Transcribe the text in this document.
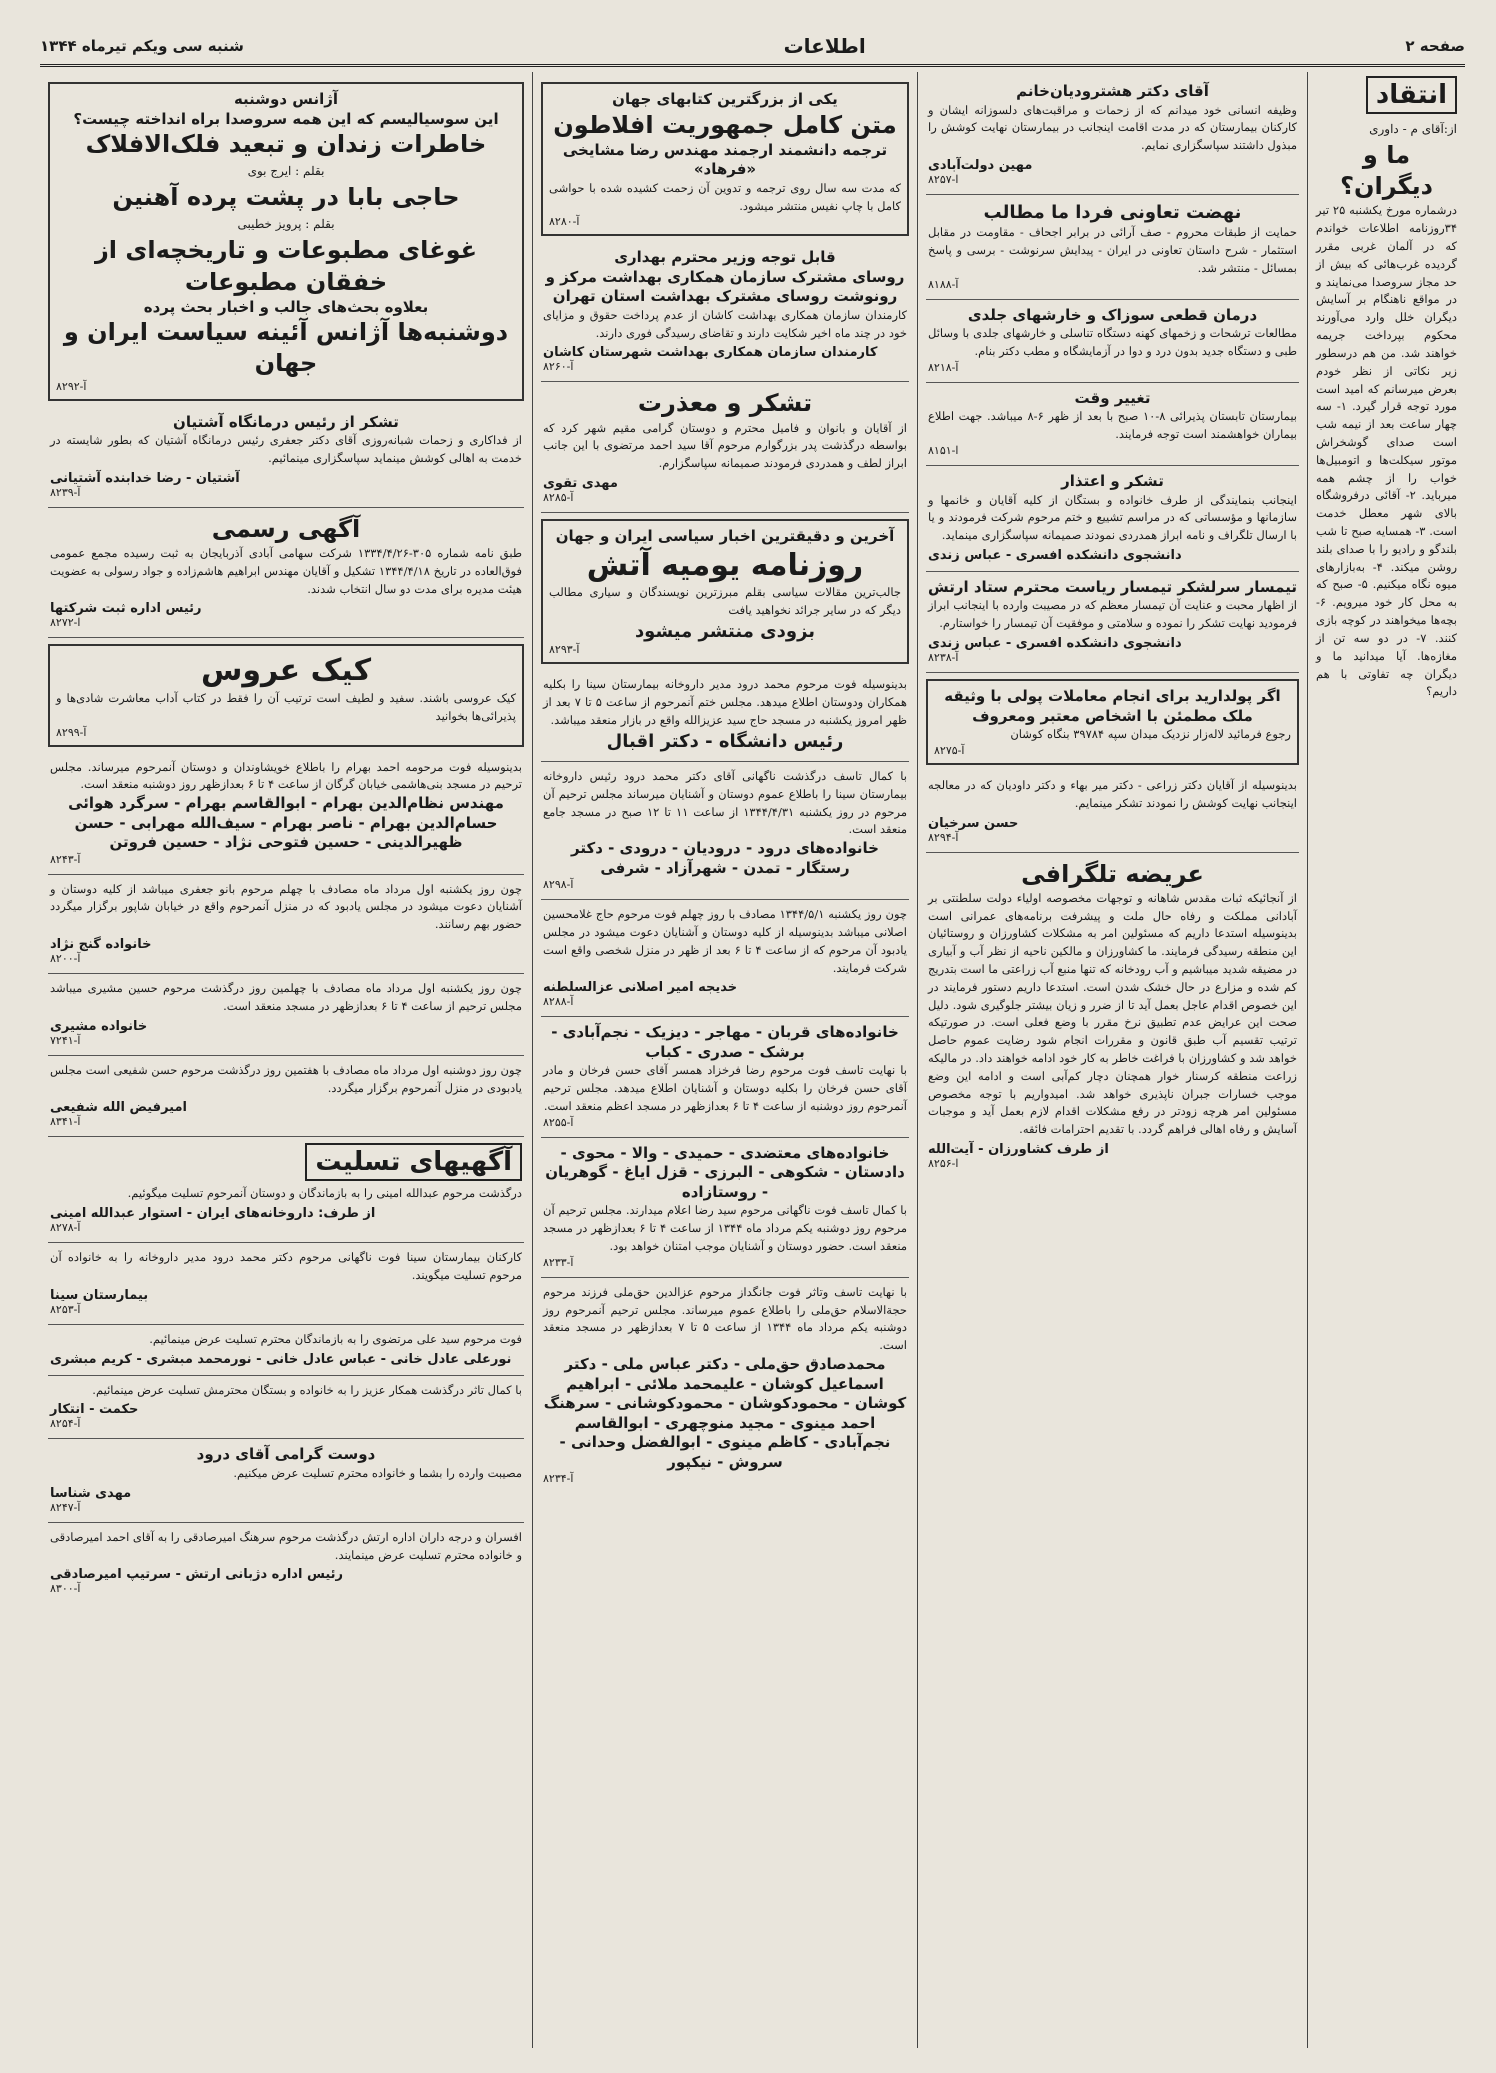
صفحه ۲
اطلاعات
شنبه سی ویکم تیرماه ۱۳۴۴
انتقاد
از:آقای م - داوری
ما و دیگران؟
درشماره مورخ یکشنبه ۲۵ تیر ۳۴روزنامه اطلاعات خواندم که در آلمان غربی مقرر گردیده غرب‌هائی که بیش از حد مجاز سروصدا می‌نمایند و در مواقع ناهنگام بر آسایش دیگران خلل وارد می‌آورند محکوم بپرداخت جریمه خواهند شد. من هم درسطور زیر نکاتی از نظر خودم بعرض میرسانم که امید است مورد توجه قرار گیرد. ۱- سه چهار ساعت بعد از نیمه شب است صدای گوشخراش موتور سیکلت‌ها و اتومبیل‌ها خواب را از چشم همه میرباید. ۲- آقائی درفروشگاه بالای شهر معطل خدمت است. ۳- همسایه صبح تا شب بلندگو و رادیو را با صدای بلند روشن میکند. ۴- به‌بازارهای میوه نگاه میکنیم. ۵- صبح که به محل کار خود میرویم. ۶- بچه‌ها میخواهند در کوچه بازی کنند. ۷- در دو سه تن از مغازه‌ها. آیا میدانید ما و دیگران چه تفاوتی با هم داریم؟
آقای دکتر هشترودیان‌خانم
وظیفه انسانی خود میدانم که از زحمات و مراقبت‌های دلسوزانه ایشان و کارکنان بیمارستان که در مدت اقامت اینجانب در بیمارستان نهایت کوشش را مبذول داشتند سپاسگزاری نمایم.
مهین دولت‌آبادی
۸۲۵۷-ا
نهضت تعاونی فردا ما مطالب
حمایت از طبقات محروم - صف آرائی در برابر اجحاف - مقاومت در مقابل استثمار - شرح داستان تعاونی در ایران - پیدایش سرنوشت - برسی و پاسخ بمسائل - منتشر شد.
۸۱۸۸-آ
درمان قطعی سوزاک و خارشهای جلدی
مطالعات ترشحات و زخمهای کهنه دستگاه تناسلی و خارشهای جلدی با وسائل طبی و دستگاه جدید بدون درد و دوا در آزمایشگاه و مطب دکتر بنام.
۸۲۱۸-آ
تغییر وقت
بیمارستان تابستان پذیرائی ۸-۱۰ صبح با بعد از ظهر ۶-۸ میباشد. جهت اطلاع بیماران خواهشمند است توجه فرمایند.
۸۱۵۱-ا
تشکر و اعتذار
اینجانب بنمایندگی از طرف خانواده و بستگان از کلیه آقایان و خانمها و سازمانها و مؤسساتی که در مراسم تشییع و ختم مرحوم شرکت فرمودند و یا با ارسال تلگراف و نامه ابراز همدردی نمودند صمیمانه سپاسگزاری مینماید.
دانشجوی دانشکده افسری - عباس زندی
تیمسار سرلشکر تیمسار ریاست محترم ستاد ارتش
از اظهار محبت و عنایت آن تیمسار معظم که در مصیبت وارده با اینجانب ابراز فرمودید نهایت تشکر را نموده و سلامتی و موفقیت آن تیمسار را خواستارم.
دانشجوی دانشکده افسری - عباس زندی
۸۲۳۸-آ
اگر پولدارید برای انجام معاملات پولی با وثیقه ملک مطمئن با اشخاص معتبر ومعروف
رجوع فرمائید لاله‌زار نزدیک میدان سپه ۳۹۷۸۴ بنگاه کوشان
۸۲۷۵-آ
بدینوسیله از آقایان دکتر زراعی - دکتر میر بهاء و دکتر داودیان که در معالجه اینجانب نهایت کوشش را نمودند تشکر مینمایم.
حسن سرخیان
۸۲۹۴-آ
عریضه تلگرافی
از آنجائیکه ثبات مقدس شاهانه و توجهات مخصوصه اولیاء دولت سلطنتی بر آبادانی مملکت و رفاه حال ملت و پیشرفت برنامه‌های عمرانی است بدینوسیله استدعا داریم که مسئولین امر به مشکلات کشاورزان و روستائیان این منطقه رسیدگی فرمایند. ما کشاورزان و مالکین ناحیه از نظر آب و آبیاری در مضیقه شدید میباشیم و آب رودخانه که تنها منبع آب زراعتی ما است بتدریج کم شده و مزارع در حال خشک شدن است. استدعا داریم دستور فرمایند در این خصوص اقدام عاجل بعمل آید تا از ضرر و زیان بیشتر جلوگیری شود. دلیل صحت این عرایض عدم تطبیق نرخ مقرر با وضع فعلی است. در صورتیکه ترتیب تقسیم آب طبق قانون و مقررات انجام شود رضایت عموم حاصل خواهد شد و کشاورزان با فراغت خاطر به کار خود ادامه خواهند داد. در مالیکه زراعت منطقه کرسنار خوار همچنان دچار کم‌آبی است و ادامه این وضع موجب خسارات جبران ناپذیری خواهد شد. امیدواریم با توجه مخصوص مسئولین امر هرچه زودتر در رفع مشکلات اقدام لازم بعمل آید و موجبات آسایش و رفاه اهالی فراهم گردد. با تقدیم احترامات فائقه.
از طرف کشاورزان - آیت‌الله
۸۲۵۶-ا
یکی از بزرگترین کتابهای جهان
متن کامل جمهوریت افلاطون
ترجمه دانشمند ارجمند مهندس رضا مشایخی «فرهاد»
که مدت سه سال روی ترجمه و تدوین آن زحمت کشیده شده با حواشی کامل با چاپ نفیس منتشر میشود.
۸۲۸۰-آ
قابل توجه وزیر محترم بهداری
روسای مشترک سازمان همکاری بهداشت مرکز و رونوشت روسای مشترک بهداشت استان تهران
کارمندان سازمان همکاری بهداشت کاشان از عدم پرداخت حقوق و مزایای خود در چند ماه اخیر شکایت دارند و تقاضای رسیدگی فوری دارند.
کارمندان سازمان همکاری بهداشت شهرستان کاشان
آ-۸۲۶۰
تشکر و معذرت
از آقایان و بانوان و فامیل محترم و دوستان گرامی مقیم شهر کرد که بواسطه درگذشت پدر بزرگوارم مرحوم آقا سید احمد مرتضوی با این جانب ابراز لطف و همدردی فرمودند صمیمانه سپاسگزارم.
مهدی تقوی
۸۲۸۵-آ
آخرین و دقیقترین اخبار سیاسی ایران و جهان
روزنامه یومیه آتش
جالب‌ترین مقالات سیاسی بقلم مبرزترین نویسندگان و سیاری مطالب دیگر که در سایر جرائد نخواهید یافت
بزودی منتشر میشود
۸۲۹۳-آ
بدینوسیله فوت مرحوم محمد درود مدیر داروخانه بیمارستان سینا را بکلیه همکاران ودوستان اطلاع میدهد. مجلس ختم آنمرحوم از ساعت ۵ تا ۷ بعد از ظهر امروز یکشنبه در مسجد حاج سید عزیزالله واقع در بازار منعقد میباشد.
رئیس دانشگاه - دکتر اقبال
با کمال تاسف درگذشت ناگهانی آقای دکتر محمد درود رئیس داروخانه بیمارستان سینا را باطلاع عموم دوستان و آشنایان میرساند مجلس ترحیم آن مرحوم در روز یکشنبه ۱۳۴۴/۴/۳۱ از ساعت ۱۱ تا ۱۲ صبح در مسجد جامع منعقد است.
خانواده‌های درود - درودیان - درودی - دکتر رستگار - تمدن - شهرآزاد - شرفی
۸۲۹۸-آ
چون روز یکشنبه ۱۳۴۴/۵/۱ مصادف با روز چهلم فوت مرحوم حاج غلامحسین اصلانی میباشد بدینوسیله از کلیه دوستان و آشنایان دعوت میشود در مجلس یادبود آن مرحوم که از ساعت ۴ تا ۶ بعد از ظهر در منزل شخصی واقع است شرکت فرمایند.
خدیجه امیر اصلانی عزالسلطنه
۸۲۸۸-آ
خانواده‌های قربان - مهاجر - دیزیک - نجم‌آبادی - برشک - صدری - کباب
با نهایت تاسف فوت مرحوم رضا فرخزاد همسر آقای حسن فرخان و مادر آقای حسن فرخان را بکلیه دوستان و آشنایان اطلاع میدهد. مجلس ترحیم آنمرحوم روز دوشنبه از ساعت ۴ تا ۶ بعدازظهر در مسجد اعظم منعقد است.
۸۲۵۵-آ
خانواده‌های معتضدی - حمیدی - والا - محوی - دادستان - شکوهی - البرزی - قزل ایاغ - گوهریان - روستازاده
با کمال تاسف فوت ناگهانی مرحوم سید رضا اعلام میدارند. مجلس ترحیم آن مرحوم روز دوشنبه یکم مرداد ماه ۱۳۴۴ از ساعت ۴ تا ۶ بعدازظهر در مسجد منعقد است. حضور دوستان و آشنایان موجب امتنان خواهد بود.
۸۲۳۳-آ
با نهایت تاسف وتاثر فوت جانگداز مرحوم عزالدین حق‌ملی فرزند مرحوم حجةالاسلام حق‌ملی را باطلاع عموم میرساند. مجلس ترحیم آنمرحوم روز دوشنبه یکم مرداد ماه ۱۳۴۴ از ساعت ۵ تا ۷ بعدازظهر در مسجد منعقد است.
محمدصادق حق‌ملی - دکتر عباس ملی - دکتر اسماعیل کوشان - علیمحمد ملائی - ابراهیم کوشان - محمودکوشان - محمودکوشانی - سرهنگ احمد مینوی - مجید منوچهری - ابوالقاسم نجم‌آبادی - کاظم مینوی - ابوالفضل وحدانی - سروش - نیکپور
۸۲۳۴-آ
آژانس دوشنبه
این سوسیالیسم که این همه سروصدا براه انداخته چیست؟
خاطرات زندان و تبعید فلک‌الافلاک
بقلم : ایرج بوی
حاجی بابا در پشت پرده آهنین
بقلم : پرویز خطیبی
غوغای مطبوعات و تاریخچه‌ای از خفقان مطبوعات
بعلاوه بحث‌های جالب و اخبار بحث پرده
دوشنبه‌ها آژانس آئینه سیاست ایران و جهان
۸۲۹۲-آ
تشکر از رئیس درمانگاه آشتیان
از فداکاری و زحمات شبانه‌روزی آقای دکتر جعفری رئیس درمانگاه آشتیان که بطور شایسته در خدمت به اهالی کوشش مینماید سپاسگزاری مینمائیم.
آشتیان - رضا خدابنده آشتیانی
۸۲۳۹-آ
آگهی رسمی
طبق نامه شماره ۳۰۵-۱۳۳۴/۴/۲۶ شرکت سهامی آبادی آذربایجان به ثبت رسیده مجمع عمومی فوق‌العاده در تاریخ ۱۳۴۴/۴/۱۸ تشکیل و آقایان مهندس ابراهیم هاشم‌زاده و جواد رسولی به عضویت هیئت مدیره برای مدت دو سال انتخاب شدند.
رئیس اداره ثبت شرکتها
۸۲۷۲-ا
کیک عروس
کیک عروسی باشند. سفید و لطیف است ترتیب آن را فقط در کتاب آداب معاشرت شادی‌ها و پذیرائی‌ها بخوانید
۸۲۹۹-آ
بدینوسیله فوت مرحومه احمد بهرام را باطلاع خویشاوندان و دوستان آنمرحوم میرساند. مجلس ترحیم در مسجد بنی‌هاشمی خیابان گرگان از ساعت ۴ تا ۶ بعدازظهر روز دوشنبه منعقد است.
مهندس نظام‌الدین بهرام - ابوالقاسم بهرام - سرگرد هوائی حسام‌الدین بهرام - ناصر بهرام - سیف‌الله مهرابی - حسن ظهیرالدینی - حسین فتوحی نژاد - حسین فروتن
۸۲۴۳-آ
چون روز یکشنبه اول مرداد ماه مصادف با چهلم مرحوم بانو جعفری میباشد از کلیه دوستان و آشنایان دعوت میشود در مجلس یادبود که در منزل آنمرحوم واقع در خیابان شاپور برگزار میگردد حضور بهم رسانند.
خانواده گنج نژاد
۸۲۰۰-آ
چون روز یکشنبه اول مرداد ماه مصادف با چهلمین روز درگذشت مرحوم حسین مشیری میباشد مجلس ترحیم از ساعت ۴ تا ۶ بعدازظهر در مسجد منعقد است.
خانواده مشیری
۷۲۴۱-آ
چون روز دوشنبه اول مرداد ماه مصادف با هفتمین روز درگذشت مرحوم حسن شفیعی است مجلس یادبودی در منزل آنمرحوم برگزار میگردد.
امیرفیض الله شفیعی
۸۳۴۱-آ
آگهیهای تسلیت
درگذشت مرحوم عبدالله امینی را به بازماندگان و دوستان آنمرحوم تسلیت میگوئیم.
از طرف: داروخانه‌های ایران - استوار عبدالله امینی
۸۲۷۸-آ
کارکنان بیمارستان سینا فوت ناگهانی مرحوم دکتر محمد درود مدیر داروخانه را به خانواده آن مرحوم تسلیت میگویند.
بیمارستان سینا
۸۲۵۳-آ
فوت مرحوم سید علی مرتضوی را به بازماندگان محترم تسلیت عرض مینمائیم.
نورعلی عادل خانی - عباس عادل خانی - نورمحمد مبشری - کریم مبشری
با کمال تاثر درگذشت همکار عزیز را به خانواده و بستگان محترمش تسلیت عرض مینمائیم.
حکمت - انتکار
۸۲۵۴-آ
دوست گرامی آقای درود
مصیبت وارده را بشما و خانواده محترم تسلیت عرض میکنیم.
مهدی شناسا
۸۲۴۷-آ
افسران و درجه داران اداره ارتش درگذشت مرحوم سرهنگ امیرصادقی را به آقای احمد امیرصادقی و خانواده محترم تسلیت عرض مینمایند.
رئیس اداره دژبانی ارتش - سرتیپ امیرصادقی
۸۳۰۰-آ
